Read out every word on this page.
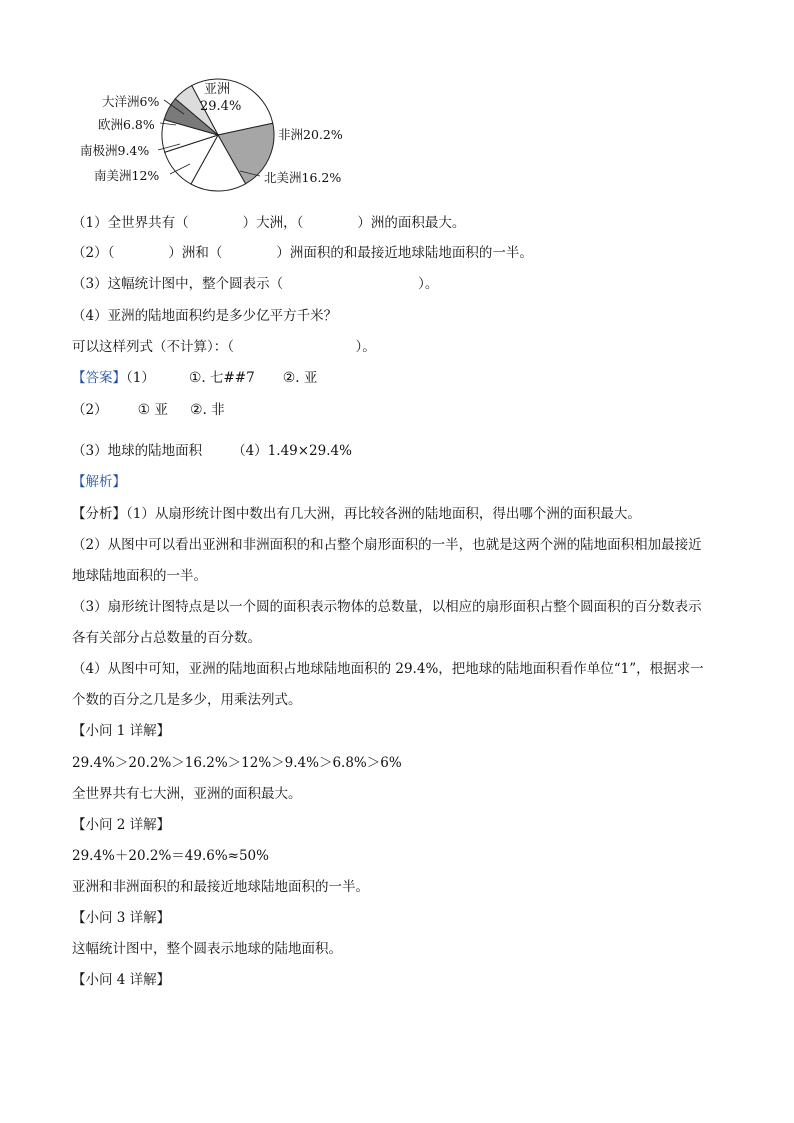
亚洲
29.4%
非洲20.2%
北美洲16.2%
南美洲12%
南极洲9.4%
欧洲6.8%
大洋洲6%
（1）全世界共有（　　　　）大洲，（　　　　）洲的面积最大。
（2）（　　　　）洲和（　　　　）洲面积的和最接近地球陆地面积的一半。
（3）这幅统计图中，整个圆表示（　　　　　　　　　　）。
（4）亚洲的陆地面积约是多少亿平方千米？
可以这样列式（不计算）：（　　　　　　　　　）。
【答案】（1） ①. 七##7 ②. 亚
（2） ① 亚 ②. 非
（3）地球的陆地面积 （4）1.49×29.4%
【解析】
【分析】（1）从扇形统计图中数出有几大洲，再比较各洲的陆地面积，得出哪个洲的面积最大。
（2）从图中可以看出亚洲和非洲面积的和占整个扇形面积的一半，也就是这两个洲的陆地面积相加最接近
地球陆地面积的一半。
（3）扇形统计图特点是以一个圆的面积表示物体的总数量，以相应的扇形面积占整个圆面积的百分数表示
各有关部分占总数量的百分数。
（4）从图中可知，亚洲的陆地面积占地球陆地面积的 29.4%，把地球的陆地面积看作单位“1”，根据求一
个数的百分之几是多少，用乘法列式。
【小问 1 详解】
29.4%＞20.2%＞16.2%＞12%＞9.4%＞6.8%＞6%
全世界共有七大洲，亚洲的面积最大。
【小问 2 详解】
29.4%＋20.2%＝49.6%≈50%
亚洲和非洲面积的和最接近地球陆地面积的一半。
【小问 3 详解】
这幅统计图中，整个圆表示地球的陆地面积。
【小问 4 详解】
